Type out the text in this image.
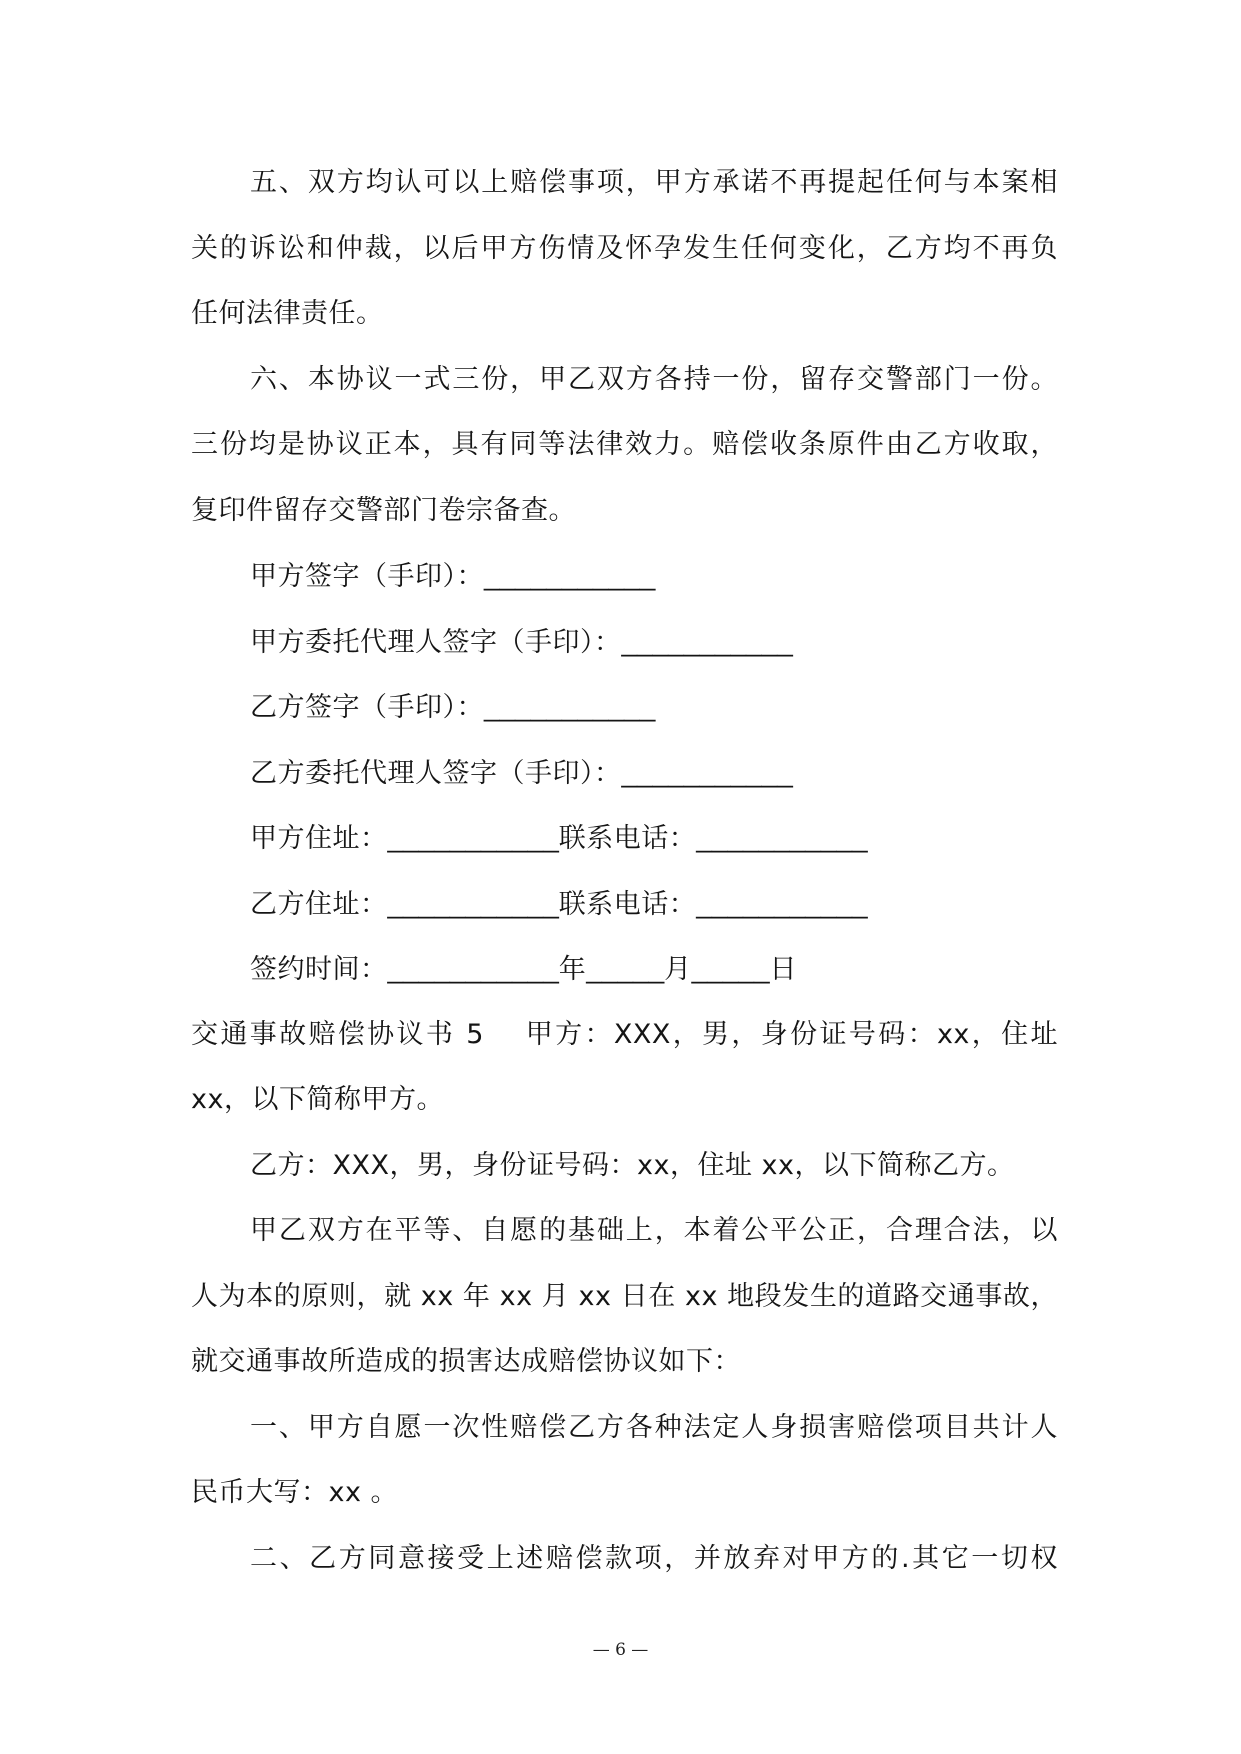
五、双方均认可以上赔偿事项，甲方承诺不再提起任何与本案相
关的诉讼和仲裁，以后甲方伤情及怀孕发生任何变化，乙方均不再负
任何法律责任。
六、本协议一式三份，甲乙双方各持一份，留存交警部门一份。
三份均是协议正本，具有同等法律效力。赔偿收条原件由乙方收取，
复印件留存交警部门卷宗备查。
甲方签字（手印）：___________
甲方委托代理人签字（手印）：___________
乙方签字（手印）：___________
乙方委托代理人签字（手印）：___________
甲方住址：___________联系电话：___________
乙方住址：___________联系电话：___________
签约时间：___________年_____月_____日
交通事故赔偿协议书 5 甲方：XXX，男，身份证号码：xx，住址
xx，以下简称甲方。
乙方：XXX，男，身份证号码：xx，住址 xx，以下简称乙方。
甲乙双方在平等、自愿的基础上，本着公平公正，合理合法，以
人为本的原则，就 xx 年 xx 月 xx 日在 xx 地段发生的道路交通事故，
就交通事故所造成的损害达成赔偿协议如下：
一、甲方自愿一次性赔偿乙方各种法定人身损害赔偿项目共计人
民币大写：xx 。
二、乙方同意接受上述赔偿款项，并放弃对甲方的.其它一切权
— 6 —
